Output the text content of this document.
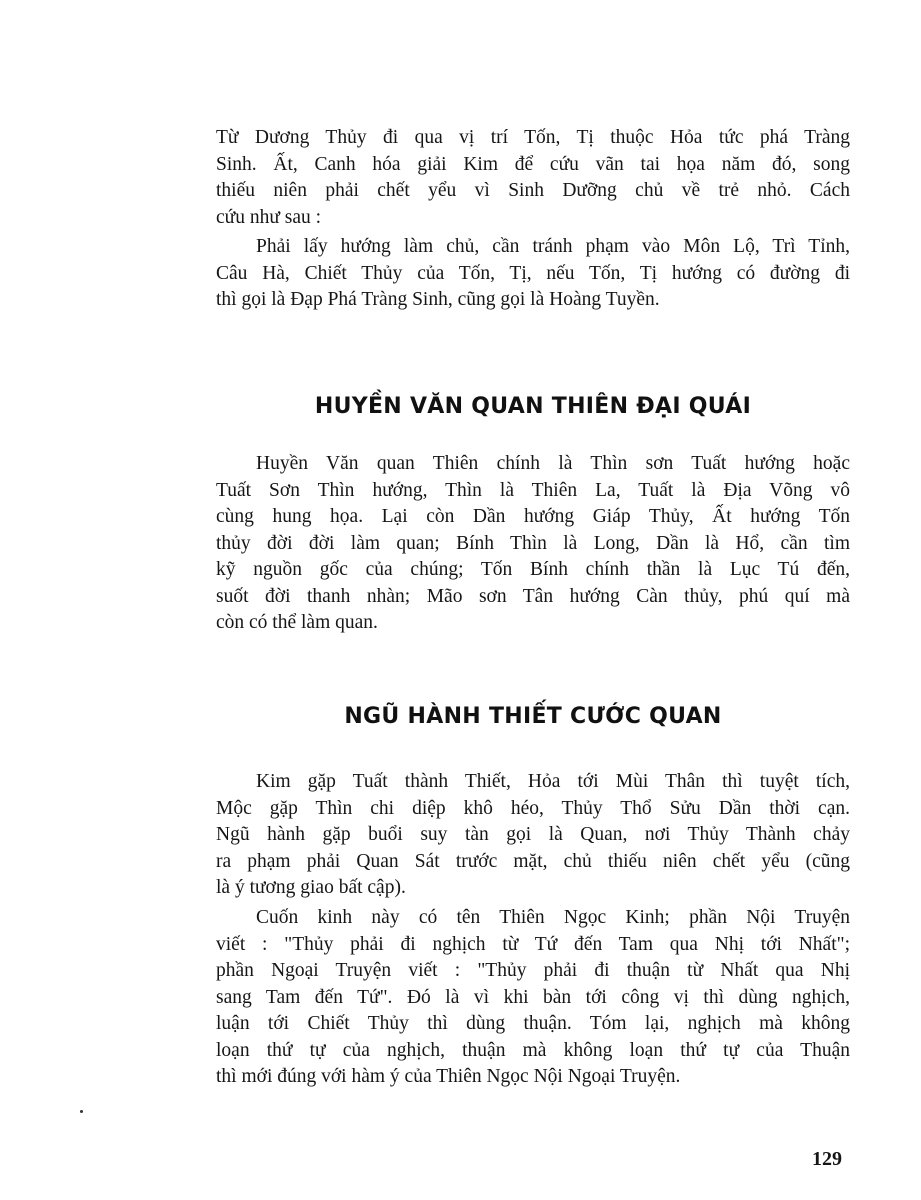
Từ Dương Thủy đi qua vị trí Tốn, Tị thuộc Hỏa tức phá Tràng
Sinh. Ất, Canh hóa giải Kim để cứu vãn tai họa năm đó, song
thiếu niên phải chết yểu vì Sinh Dưỡng chủ về trẻ nhỏ. Cách
cứu như sau :
Phải lấy hướng làm chủ, cần tránh phạm vào Môn Lộ, Trì Tỉnh,
Câu Hà, Chiết Thủy của Tốn, Tị, nếu Tốn, Tị hướng có đường đi
thì gọi là Đạp Phá Tràng Sinh, cũng gọi là Hoàng Tuyền.
HUYỀN VĂN QUAN THIÊN ĐẠI QUÁI
Huyền Văn quan Thiên chính là Thìn sơn Tuất hướng hoặc
Tuất Sơn Thìn hướng, Thìn là Thiên La, Tuất là Địa Võng vô
cùng hung họa. Lại còn Dần hướng Giáp Thủy, Ất hướng Tốn
thủy đời đời làm quan; Bính Thìn là Long, Dần là Hổ, cần tìm
kỹ nguồn gốc của chúng; Tốn Bính chính thần là Lục Tú đến,
suốt đời thanh nhàn; Mão sơn Tân hướng Càn thủy, phú quí mà
còn có thể làm quan.
NGŨ HÀNH THIẾT CƯỚC QUAN
Kim gặp Tuất thành Thiết, Hỏa tới Mùi Thân thì tuyệt tích,
Mộc gặp Thìn chi diệp khô héo, Thủy Thổ Sửu Dần thời cạn.
Ngũ hành gặp buổi suy tàn gọi là Quan, nơi Thủy Thành chảy
ra phạm phải Quan Sát trước mặt, chủ thiếu niên chết yểu (cũng
là ý tương giao bất cập).
Cuốn kinh này có tên Thiên Ngọc Kinh; phần Nội Truyện
viết : "Thủy phải đi nghịch từ Tứ đến Tam qua Nhị tới Nhất";
phần Ngoại Truyện viết : "Thủy phải đi thuận từ Nhất qua Nhị
sang Tam đến Tứ". Đó là vì khi bàn tới công vị thì dùng nghịch,
luận tới Chiết Thủy thì dùng thuận. Tóm lại, nghịch mà không
loạn thứ tự của nghịch, thuận mà không loạn thứ tự của Thuận
thì mới đúng với hàm ý của Thiên Ngọc Nội Ngoại Truyện.
129
